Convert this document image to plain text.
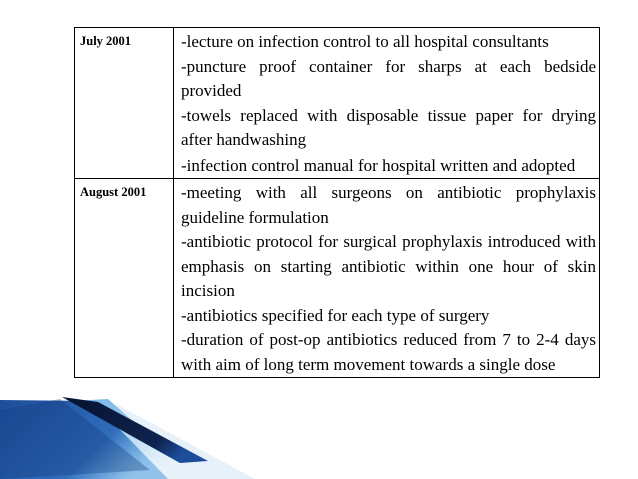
July 2001	-lecture on infection control to all hospital consultants

-puncture proof container for sharps at each bedside provided

-towels replaced with disposable tissue paper for drying after handwashing

-infection control manual for hospital written and adopted

August 2001	-meeting with all surgeons on antibiotic prophylaxis guideline formulation

-antibiotic protocol for surgical prophylaxis introduced with emphasis on starting antibiotic within one hour of skin incision

-antibiotics specified for each type of surgery

-duration of post-op antibiotics reduced from 7 to 2-4 days with aim of long term movement towards a single dose
